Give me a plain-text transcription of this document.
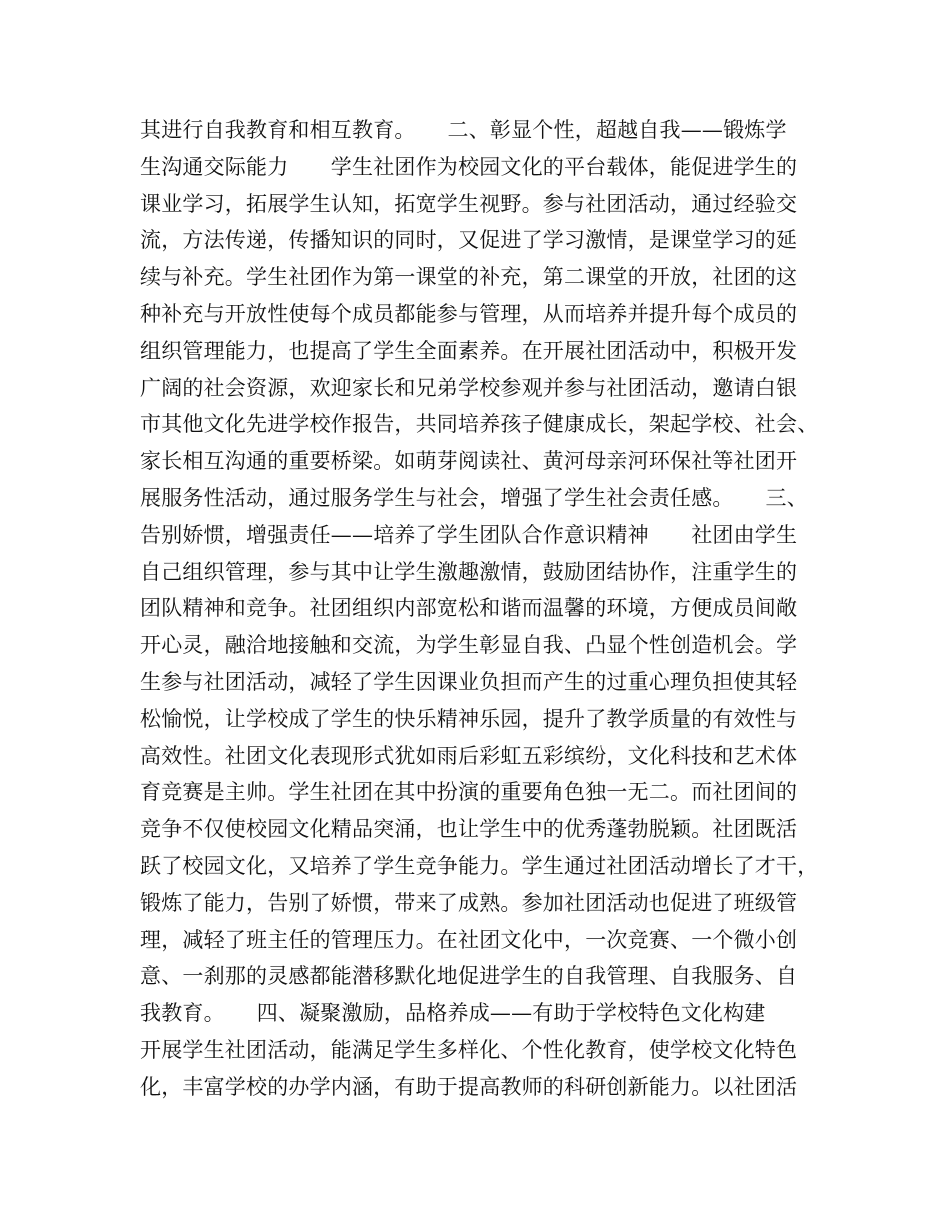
其进行自我教育和相互教育。　　二、彰显个性，超越自我——锻炼学
生沟通交际能力　　学生社团作为校园文化的平台载体，能促进学生的
课业学习，拓展学生认知，拓宽学生视野。参与社团活动，通过经验交
流，方法传递，传播知识的同时，又促进了学习激情，是课堂学习的延
续与补充。学生社团作为第一课堂的补充，第二课堂的开放，社团的这
种补充与开放性使每个成员都能参与管理，从而培养并提升每个成员的
组织管理能力，也提高了学生全面素养。在开展社团活动中，积极开发
广阔的社会资源，欢迎家长和兄弟学校参观并参与社团活动，邀请白银
市其他文化先进学校作报告，共同培养孩子健康成长，架起学校、社会、
家长相互沟通的重要桥梁。如萌芽阅读社、黄河母亲河环保社等社团开
展服务性活动，通过服务学生与社会，增强了学生社会责任感。　　三、
告别娇惯，增强责任——培养了学生团队合作意识精神　　社团由学生
自己组织管理，参与其中让学生激趣激情，鼓励团结协作，注重学生的
团队精神和竞争。社团组织内部宽松和谐而温馨的环境，方便成员间敞
开心灵，融洽地接触和交流，为学生彰显自我、凸显个性创造机会。学
生参与社团活动，减轻了学生因课业负担而产生的过重心理负担使其轻
松愉悦，让学校成了学生的快乐精神乐园，提升了教学质量的有效性与
高效性。社团文化表现形式犹如雨后彩虹五彩缤纷，文化科技和艺术体
育竞赛是主帅。学生社团在其中扮演的重要角色独一无二。而社团间的
竞争不仅使校园文化精品突涌，也让学生中的优秀蓬勃脱颖。社团既活
跃了校园文化，又培养了学生竞争能力。学生通过社团活动增长了才干，
锻炼了能力，告别了娇惯，带来了成熟。参加社团活动也促进了班级管
理，减轻了班主任的管理压力。在社团文化中，一次竞赛、一个微小创
意、一刹那的灵感都能潜移默化地促进学生的自我管理、自我服务、自
我教育。　　四、凝聚激励，品格养成——有助于学校特色文化构建　
开展学生社团活动，能满足学生多样化、个性化教育，使学校文化特色
化，丰富学校的办学内涵，有助于提高教师的科研创新能力。以社团活
